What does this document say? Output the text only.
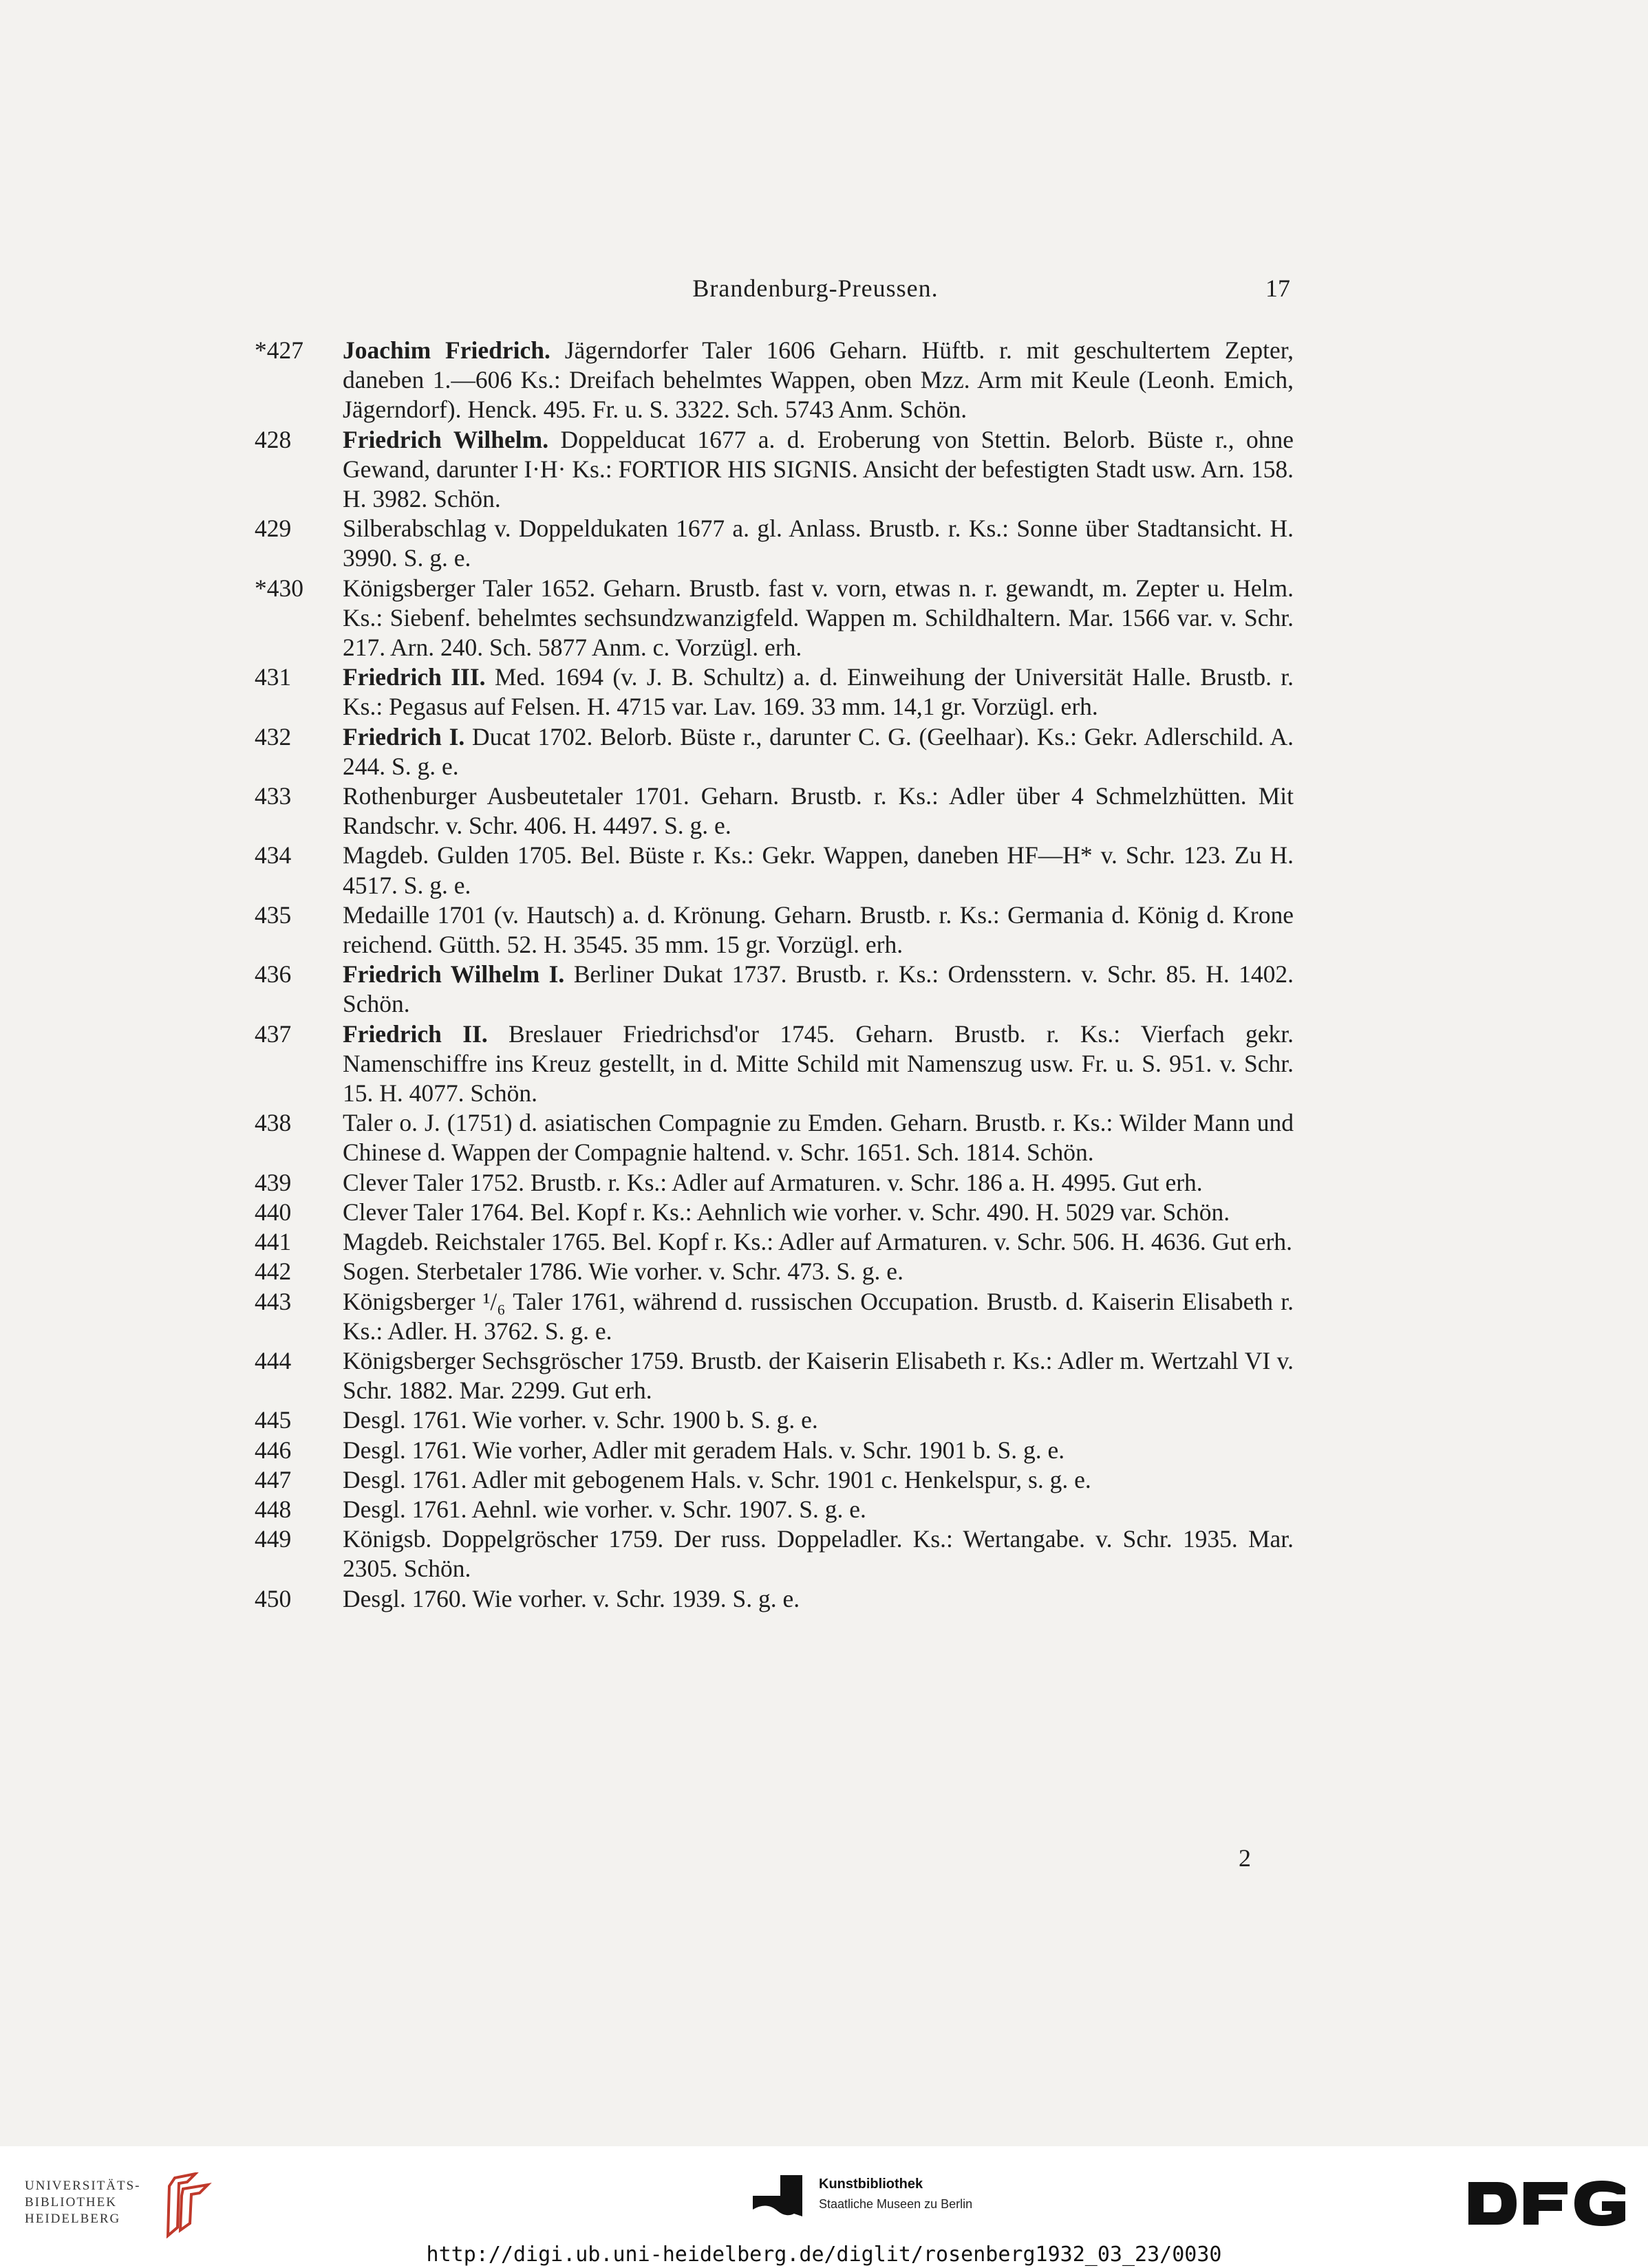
Brandenburg-Preussen.	17
*427	Joachim Friedrich. Jägerndorfer Taler 1606 Geharn. Hüftb. r. mit geschultertem Zepter, daneben 1.—606 Ks.: Dreifach behelmtes Wappen, oben Mzz. Arm mit Keule (Leonh. Emich, Jägerndorf). Henck. 495. Fr. u. S. 3322. Sch. 5743 Anm. Schön.
428	Friedrich Wilhelm. Doppelducat 1677 a. d. Eroberung von Stettin. Belorb. Büste r., ohne Gewand, darunter I·H· Ks.: FORTIOR HIS SIGNIS. Ansicht der befestigten Stadt usw. Arn. 158. H. 3982. Schön.
429	Silberabschlag v. Doppeldukaten 1677 a. gl. Anlass. Brustb. r. Ks.: Sonne über Stadtansicht. H. 3990. S. g. e.
*430	Königsberger Taler 1652. Geharn. Brustb. fast v. vorn, etwas n. r. gewandt, m. Zepter u. Helm. Ks.: Siebenf. behelmtes sechsundzwanzigfeld. Wappen m. Schildhaltern. Mar. 1566 var. v. Schr. 217. Arn. 240. Sch. 5877 Anm. c. Vorzügl. erh.
431	Friedrich III. Med. 1694 (v. J. B. Schultz) a. d. Einweihung der Universität Halle. Brustb. r. Ks.: Pegasus auf Felsen. H. 4715 var. Lav. 169. 33 mm. 14,1 gr. Vorzügl. erh.
432	Friedrich I. Ducat 1702. Belorb. Büste r., darunter C. G. (Geelhaar). Ks.: Gekr. Adlerschild. A. 244. S. g. e.
433	Rothenburger Ausbeutetaler 1701. Geharn. Brustb. r. Ks.: Adler über 4 Schmelzhütten. Mit Randschr. v. Schr. 406. H. 4497. S. g. e.
434	Magdeb. Gulden 1705. Bel. Büste r. Ks.: Gekr. Wappen, daneben HF—H* v. Schr. 123. Zu H. 4517. S. g. e.
435	Medaille 1701 (v. Hautsch) a. d. Krönung. Geharn. Brustb. r. Ks.: Germania d. König d. Krone reichend. Gütth. 52. H. 3545. 35 mm. 15 gr. Vorzügl. erh.
436	Friedrich Wilhelm I. Berliner Dukat 1737. Brustb. r. Ks.: Ordensstern. v. Schr. 85. H. 1402. Schön.
437	Friedrich II. Breslauer Friedrichsd'or 1745. Geharn. Brustb. r. Ks.: Vierfach gekr. Namenschiffre ins Kreuz gestellt, in d. Mitte Schild mit Namenszug usw. Fr. u. S. 951. v. Schr. 15. H. 4077. Schön.
438	Taler o. J. (1751) d. asiatischen Compagnie zu Emden. Geharn. Brustb. r. Ks.: Wilder Mann und Chinese d. Wappen der Compagnie haltend. v. Schr. 1651. Sch. 1814. Schön.
439	Clever Taler 1752. Brustb. r. Ks.: Adler auf Armaturen. v. Schr. 186 a. H. 4995. Gut erh.
440	Clever Taler 1764. Bel. Kopf r. Ks.: Aehnlich wie vorher. v. Schr. 490. H. 5029 var. Schön.
441	Magdeb. Reichstaler 1765. Bel. Kopf r. Ks.: Adler auf Armaturen. v. Schr. 506. H. 4636. Gut erh.
442	Sogen. Sterbetaler 1786. Wie vorher. v. Schr. 473. S. g. e.
443	Königsberger ¹/₆ Taler 1761, während d. russischen Occupation. Brustb. d. Kaiserin Elisabeth r. Ks.: Adler. H. 3762. S. g. e.
444	Königsberger Sechsgröscher 1759. Brustb. der Kaiserin Elisabeth r. Ks.: Adler m. Wertzahl VI v. Schr. 1882. Mar. 2299. Gut erh.
445	Desgl. 1761. Wie vorher. v. Schr. 1900 b. S. g. e.
446	Desgl. 1761. Wie vorher, Adler mit geradem Hals. v. Schr. 1901 b. S. g. e.
447	Desgl. 1761. Adler mit gebogenem Hals. v. Schr. 1901 c. Henkelspur, s. g. e.
448	Desgl. 1761. Aehnl. wie vorher. v. Schr. 1907. S. g. e.
449	Königsb. Doppelgröscher 1759. Der russ. Doppeladler. Ks.: Wertangabe. v. Schr. 1935. Mar. 2305. Schön.
450	Desgl. 1760. Wie vorher. v. Schr. 1939. S. g. e.
2
UNIVERSITÄTS-
BIBLIOTHEK
HEIDELBERG
Kunstbibliothek
Staatliche Museen zu Berlin
http://digi.ub.uni-heidelberg.de/diglit/rosenberg1932_03_23/0030
